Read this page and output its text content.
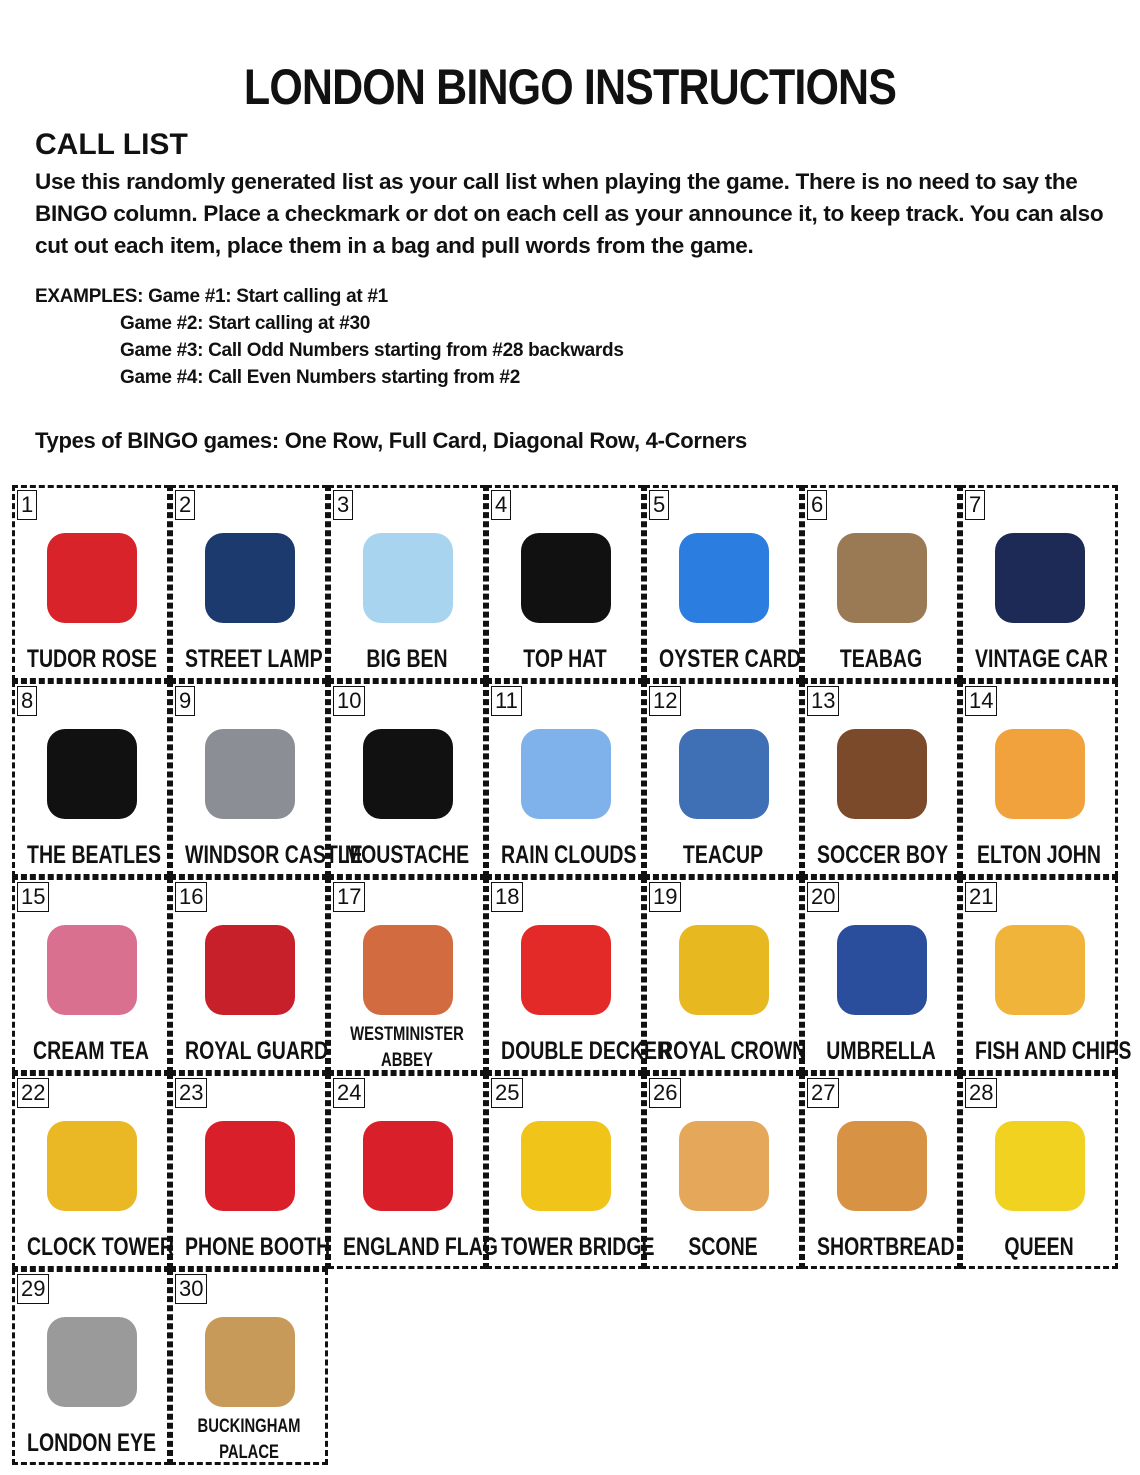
LONDON BINGO INSTRUCTIONS
CALL LIST
Use this randomly generated list as your call list when playing the game. There is no need to say the BINGO column. Place a checkmark or dot on each cell as your announce it, to keep track. You can also cut out each item, place them in a bag and pull words from the game.
EXAMPLES: Game #1: Start calling at #1
Game #2: Start calling at #30
Game #3: Call Odd Numbers starting from #28 backwards
Game #4: Call Even Numbers starting from #2
Types of BINGO games: One Row, Full Card, Diagonal Row, 4-Corners
1
TUDOR ROSE
2
STREET LAMP
3
BIG BEN
4
TOP HAT
5
OYSTER CARD
6
TEABAG
7
VINTAGE CAR
8
THE BEATLES
9
WINDSOR CASTLE
10
MOUSTACHE
11
RAIN CLOUDS
12
TEACUP
13
SOCCER BOY
14
ELTON JOHN
15
CREAM TEA
16
ROYAL GUARD
17
WESTMINISTER ABBEY
18
DOUBLE DECKER
19
ROYAL CROWN
20
UMBRELLA
21
FISH AND CHIPS
22
CLOCK TOWER
23
PHONE BOOTH
24
ENGLAND FLAG
25
TOWER BRIDGE
26
SCONE
27
SHORTBREAD
28
QUEEN
29
LONDON EYE
30
BUCKINGHAM PALACE
